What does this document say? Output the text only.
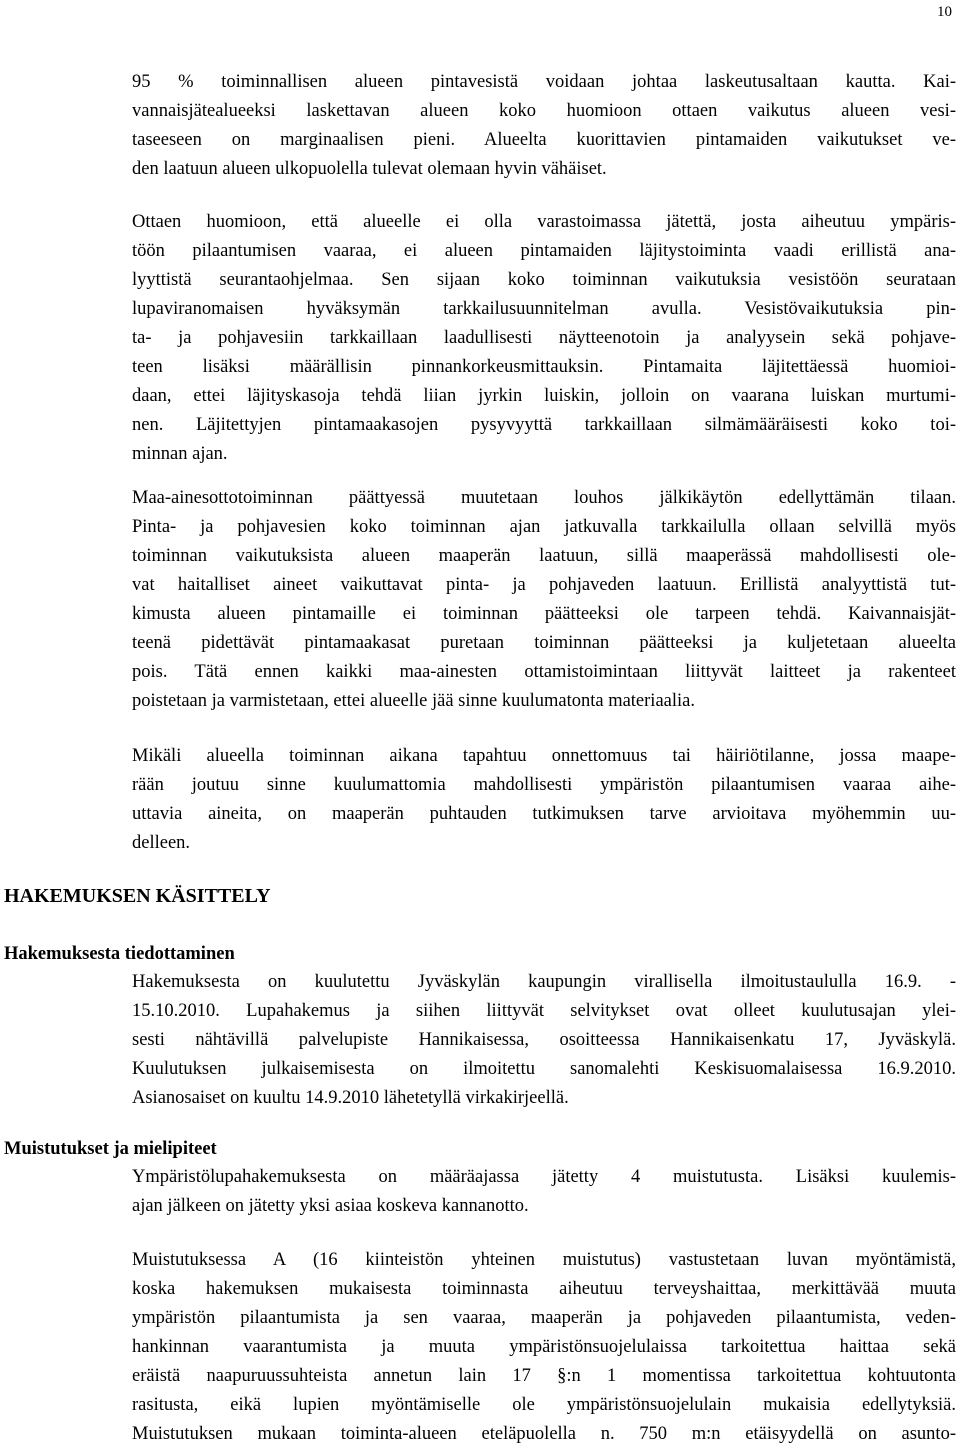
10
95 % toiminnallisen alueen pintavesistä voidaan johtaa laskeutusaltaan kautta. Kai-
vannaisjätealueeksi laskettavan alueen koko huomioon ottaen vaikutus alueen vesi-
taseeseen on marginaalisen pieni. Alueelta kuorittavien pintamaiden vaikutukset ve-
den laatuun alueen ulkopuolella tulevat olemaan hyvin vähäiset.
Ottaen huomioon, että alueelle ei olla varastoimassa jätettä, josta aiheutuu ympäris-
töön pilaantumisen vaaraa, ei alueen pintamaiden läjitystoiminta vaadi erillistä ana-
lyyttistä seurantaohjelmaa. Sen sijaan koko toiminnan vaikutuksia vesistöön seurataan
lupaviranomaisen hyväksymän tarkkailusuunnitelman avulla. Vesistövaikutuksia pin-
ta- ja pohjavesiin tarkkaillaan laadullisesti näytteenotoin ja analyysein sekä pohjave-
teen lisäksi määrällisin pinnankorkeusmittauksin. Pintamaita läjitettäessä huomioi-
daan, ettei läjityskasoja tehdä liian jyrkin luiskin, jolloin on vaarana luiskan murtumi-
nen. Läjitettyjen pintamaakasojen pysyvyyttä tarkkaillaan silmämääräisesti koko toi-
minnan ajan.
Maa-ainesottotoiminnan päättyessä muutetaan louhos jälkikäytön edellyttämän tilaan.
Pinta- ja pohjavesien koko toiminnan ajan jatkuvalla tarkkailulla ollaan selvillä myös
toiminnan vaikutuksista alueen maaperän laatuun, sillä maaperässä mahdollisesti ole-
vat haitalliset aineet vaikuttavat pinta- ja pohjaveden laatuun. Erillistä analyyttistä tut-
kimusta alueen pintamaille ei toiminnan päätteeksi ole tarpeen tehdä. Kaivannaisjät-
teenä pidettävät pintamaakasat puretaan toiminnan päätteeksi ja kuljetetaan alueelta
pois. Tätä ennen kaikki maa-ainesten ottamistoimintaan liittyvät laitteet ja rakenteet
poistetaan ja varmistetaan, ettei alueelle jää sinne kuulumatonta materiaalia.
Mikäli alueella toiminnan aikana tapahtuu onnettomuus tai häiriötilanne, jossa maape-
rään joutuu sinne kuulumattomia mahdollisesti ympäristön pilaantumisen vaaraa aihe-
uttavia aineita, on maaperän puhtauden tutkimuksen tarve arvioitava myöhemmin uu-
delleen.
HAKEMUKSEN KÄSITTELY
Hakemuksesta tiedottaminen
Hakemuksesta on kuulutettu Jyväskylän kaupungin virallisella ilmoitustaululla 16.9. -
15.10.2010. Lupahakemus ja siihen liittyvät selvitykset ovat olleet kuulutusajan ylei-
sesti nähtävillä palvelupiste Hannikaisessa, osoitteessa Hannikaisenkatu 17, Jyväskylä.
Kuulutuksen julkaisemisesta on ilmoitettu sanomalehti Keskisuomalaisessa 16.9.2010.
Asianosaiset on kuultu 14.9.2010 lähetetyllä virkakirjeellä.
Muistutukset ja mielipiteet
Ympäristölupahakemuksesta on määräajassa jätetty 4 muistutusta. Lisäksi kuulemis-
ajan jälkeen on jätetty yksi asiaa koskeva kannanotto.
Muistutuksessa A (16 kiinteistön yhteinen muistutus) vastustetaan luvan myöntämistä,
koska hakemuksen mukaisesta toiminnasta aiheutuu terveyshaittaa, merkittävää muuta
ympäristön pilaantumista ja sen vaaraa, maaperän ja pohjaveden pilaantumista, veden-
hankinnan vaarantumista ja muuta ympäristönsuojelulaissa tarkoitettua haittaa sekä
eräistä naapuruussuhteista annetun lain 17 §:n 1 momentissa tarkoitettua kohtuutonta
rasitusta, eikä lupien myöntämiselle ole ympäristönsuojelulain mukaisia edellytyksiä.
Muistutuksen mukaan toiminta-alueen eteläpuolella n. 750 m:n etäisyydellä on asunto-
